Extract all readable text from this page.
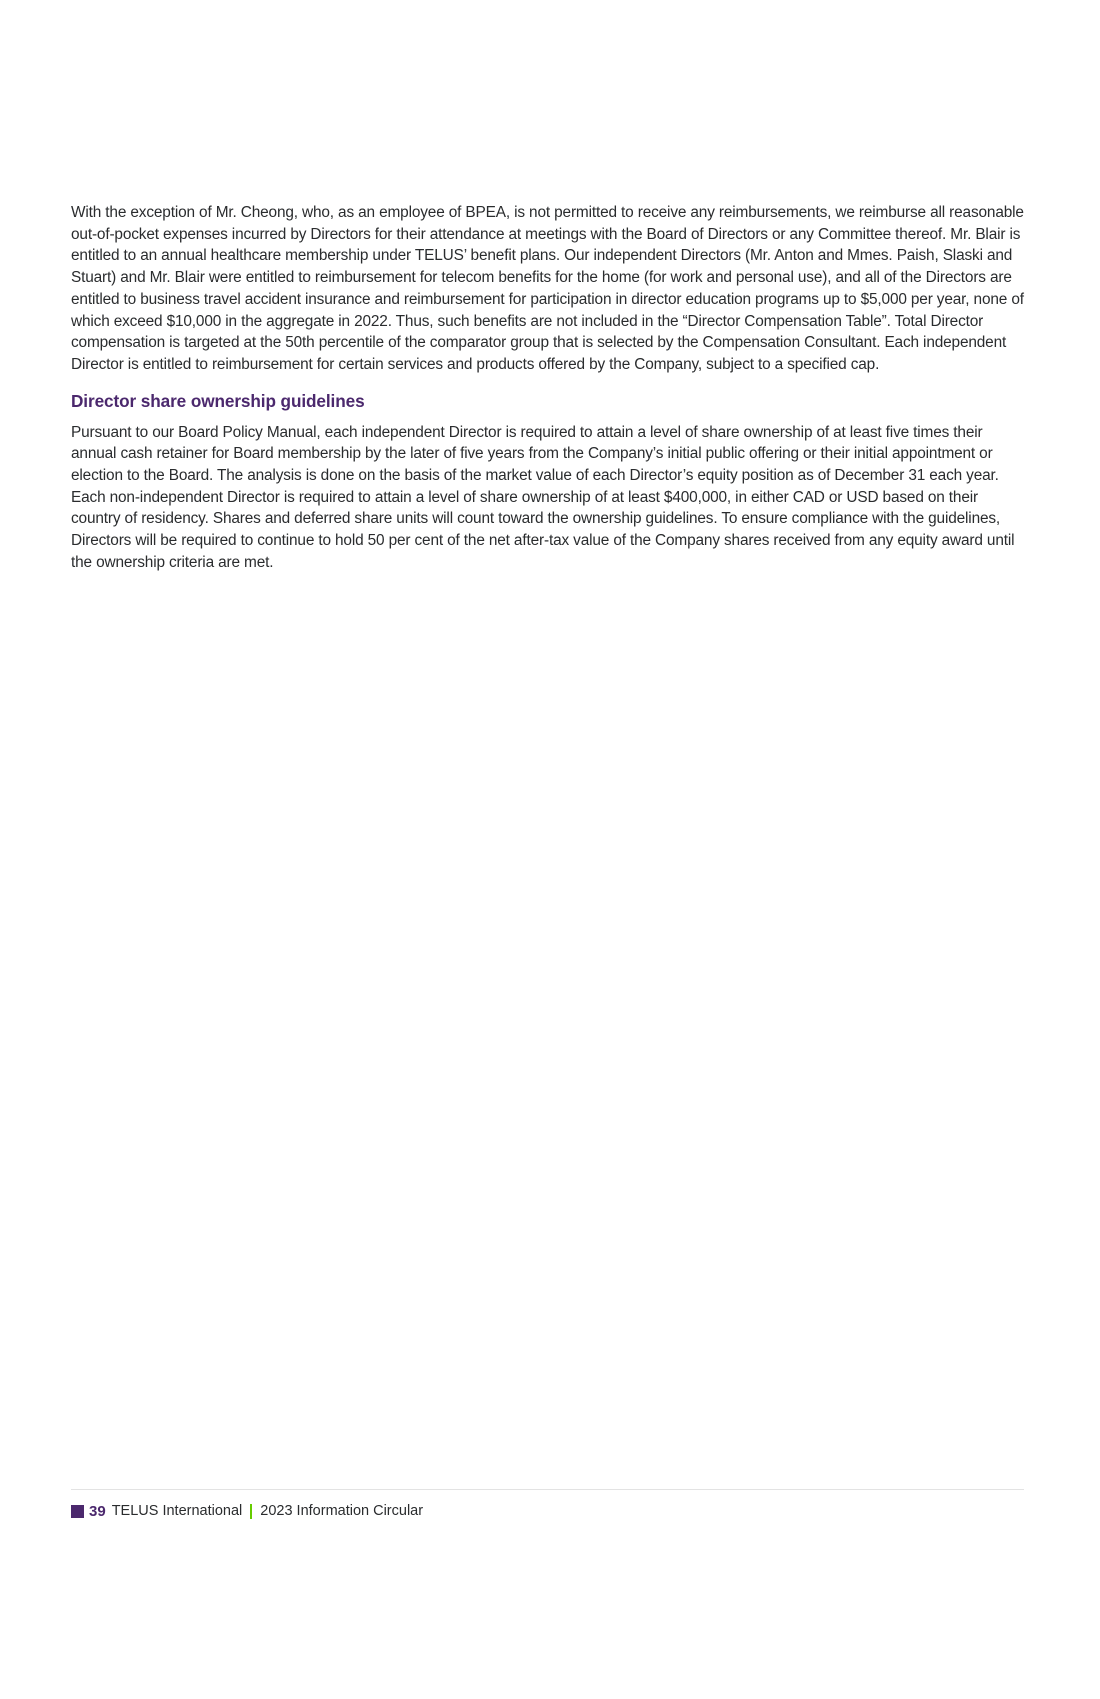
With the exception of Mr. Cheong, who, as an employee of BPEA, is not permitted to receive any reimbursements, we reimburse all reasonable out-of-pocket expenses incurred by Directors for their attendance at meetings with the Board of Directors or any Committee thereof. Mr. Blair is entitled to an annual healthcare membership under TELUS’ benefit plans. Our independent Directors (Mr. Anton and Mmes. Paish, Slaski and Stuart) and Mr. Blair were entitled to reimbursement for telecom benefits for the home (for work and personal use), and all of the Directors are entitled to business travel accident insurance and reimbursement for participation in director education programs up to $5,000 per year, none of which exceed $10,000 in the aggregate in 2022. Thus, such benefits are not included in the “Director Compensation Table”. Total Director compensation is targeted at the 50th percentile of the comparator group that is selected by the Compensation Consultant. Each independent Director is entitled to reimbursement for certain services and products offered by the Company, subject to a specified cap.

Director share ownership guidelines

Pursuant to our Board Policy Manual, each independent Director is required to attain a level of share ownership of at least five times their annual cash retainer for Board membership by the later of five years from the Company’s initial public offering or their initial appointment or election to the Board. The analysis is done on the basis of the market value of each Director’s equity position as of December 31 each year. Each non-independent Director is required to attain a level of share ownership of at least $400,000, in either CAD or USD based on their country of residency. Shares and deferred share units will count toward the ownership guidelines. To ensure compliance with the guidelines, Directors will be required to continue to hold 50 per cent of the net after-tax value of the Company shares received from any equity award until the ownership criteria are met.

39 TELUS International 2023 Information Circular
